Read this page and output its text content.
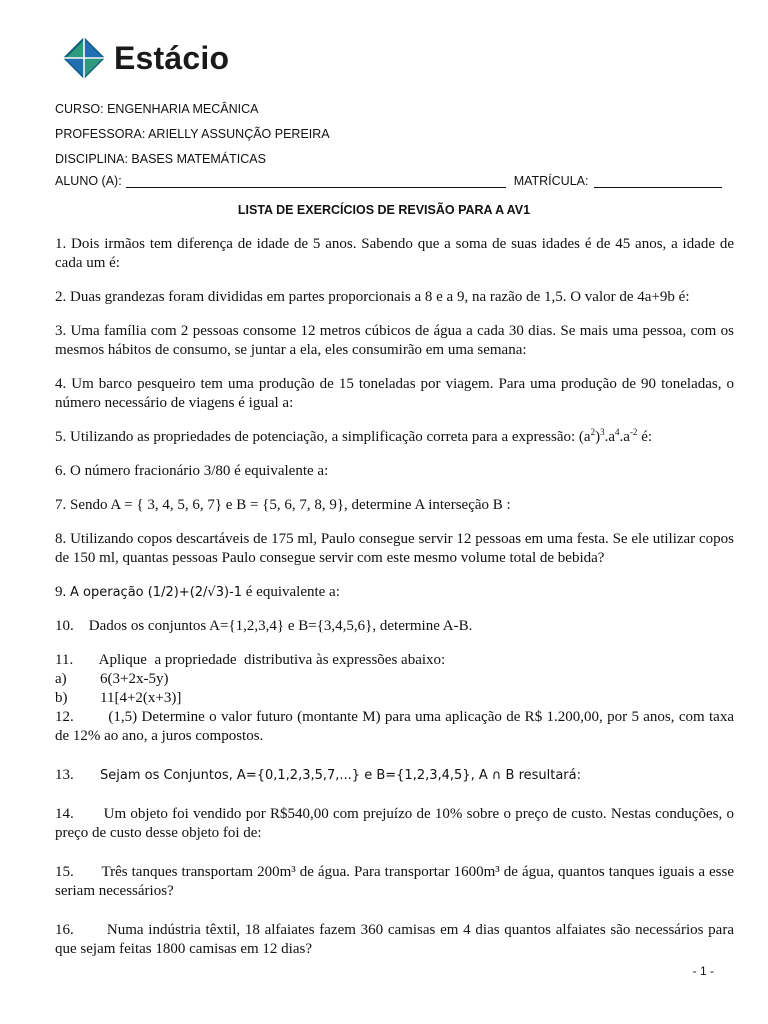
Estácio
CURSO: ENGENHARIA MECÂNICA
PROFESSORA: ARIELLY ASSUNÇÃO PEREIRA
DISCIPLINA: BASES MATEMÁTICAS
ALUNO (A):	MATRÍCULA:
LISTA DE EXERCÍCIOS DE REVISÃO PARA A AV1

1. Dois irmãos tem diferença de idade de 5 anos. Sabendo que a soma de suas idades é de 45 anos, a idade de cada um é:

2. Duas grandezas foram divididas em partes proporcionais a 8 e a 9, na razão de 1,5. O valor de 4a+9b é:

3. Uma família com 2 pessoas consome 12 metros cúbicos de água a cada 30 dias. Se mais uma pessoa, com os mesmos hábitos de consumo, se juntar a ela, eles consumirão em uma semana:

4. Um barco pesqueiro tem uma produção de 15 toneladas por viagem. Para uma produção de 90 toneladas, o número necessário de viagens é igual a:

5. Utilizando as propriedades de potenciação, a simplificação correta para a expressão: $(a^2)^3.a^4.a^{-2}$ é:

6. O número fracionário 3/80 é equivalente a:

7. Sendo A = { 3, 4, 5, 6, 7} e B = {5, 6, 7, 8, 9}, determine A interseção B :

8. Utilizando copos descartáveis de 175 ml, Paulo consegue servir 12 pessoas em uma festa. Se ele utilizar copos de 150 ml, quantas pessoas Paulo consegue servir com este mesmo volume total de bebida?

9. A operação (1/2)+(2/√3)-1 é equivalente a:

10.    Dados os conjuntos A={1,2,3,4} e B={3,4,5,6}, determine A-B.

11.       Aplique  a propriedade  distributiva às expressões abaixo:

a) 6(3+2x-5y)

b) 11[4+2(x+3)]

12.        (1,5) Determine o valor futuro (montante M) para uma aplicação de R$ 1.200,00, por 5 anos, com taxa de 12% ao ano, a juros compostos.

13. Sejam os Conjuntos, A={0,1,2,3,5,7,...} e B={1,2,3,4,5}, A ∩ B resultará:

14.       Um objeto foi vendido por R$540,00 com prejuízo de 10% sobre o preço de custo. Nestas conduções, o preço de custo desse objeto foi de:

15.       Três tanques transportam 200m³ de água. Para transportar 1600m³ de água, quantos tanques iguais a esse seriam necessários?

16.       Numa indústria têxtil, 18 alfaiates fazem 360 camisas em 4 dias quantos alfaiates são necessários para que sejam feitas 1800 camisas em 12 dias?

- 1 -
